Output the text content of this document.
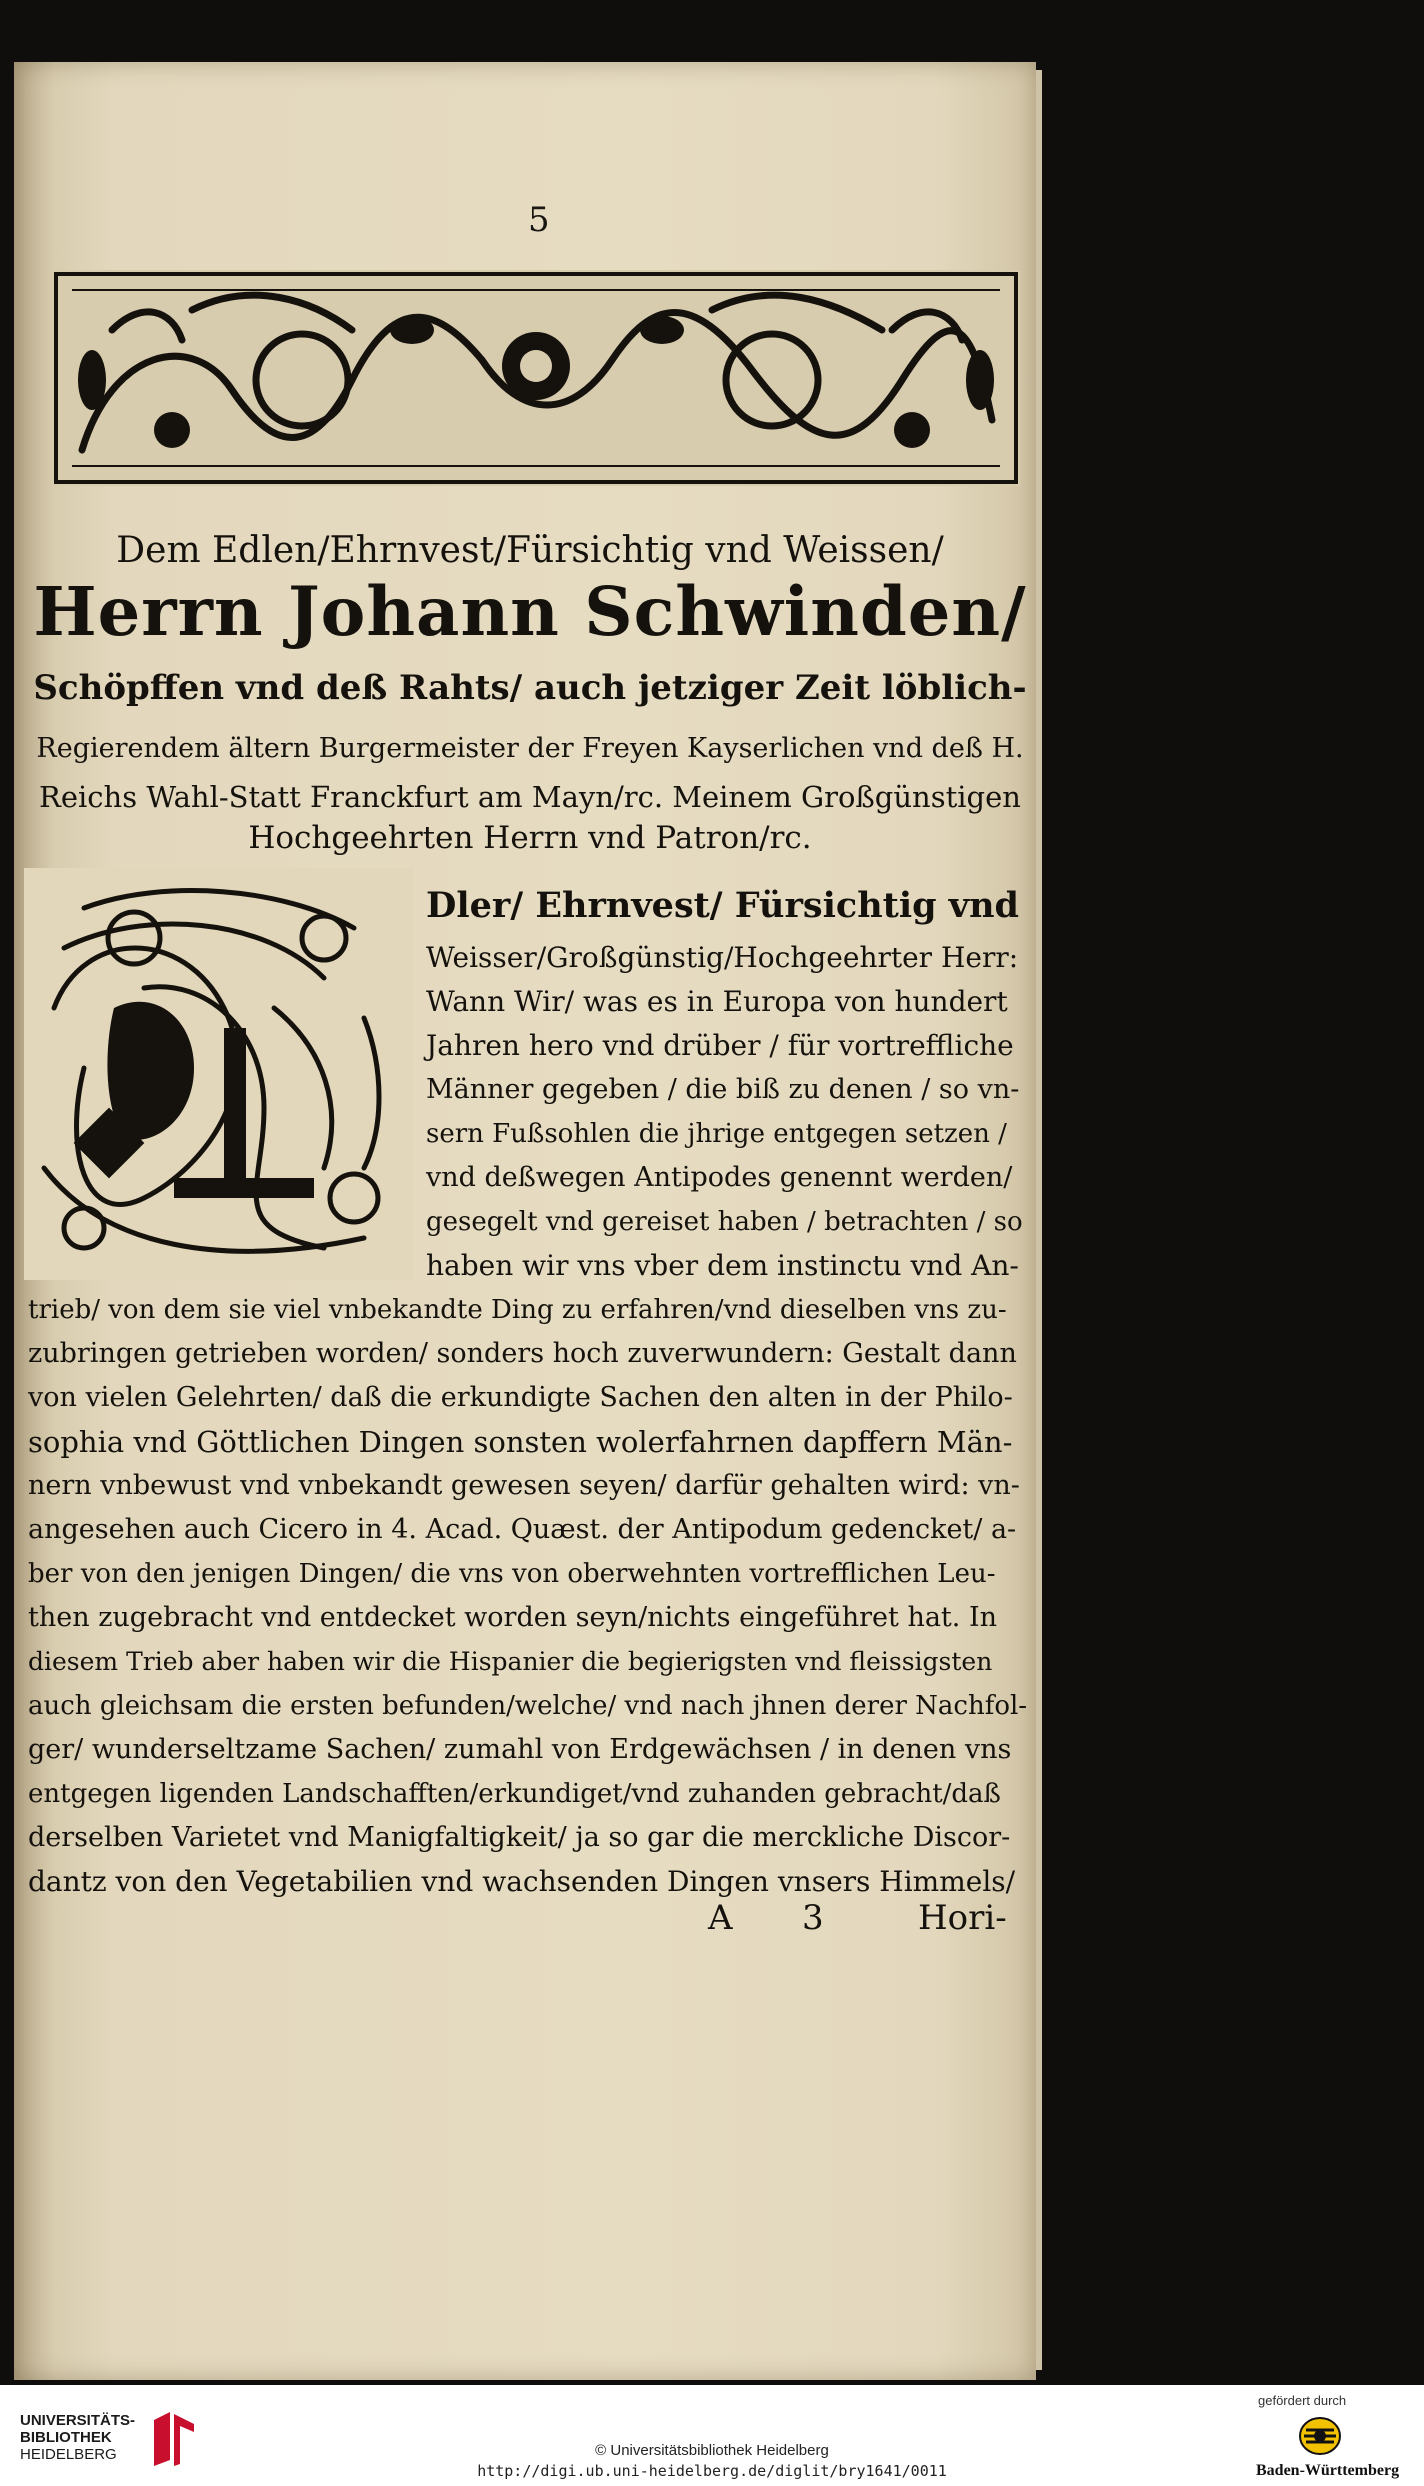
5
Dem Edlen/Ehrnvest/Fürsichtig vnd Weissen/
Herrn Johann Schwinden/
Schöpffen vnd deß Rahts/ auch jetziger Zeit löblich-
Regierendem ältern Burgermeister der Freyen Kayserlichen vnd deß H.
Reichs Wahl-Statt Franckfurt am Mayn/rc. Meinem Großgünstigen
Hochgeehrten Herrn vnd Patron/rc.
Dler/ Ehrnvest/ Fürsichtig vnd
Weisser/Großgünstig/Hochgeehrter Herr:
Wann Wir/ was es in Europa von hundert
Jahren hero vnd drüber / für vortreffliche
Männer gegeben / die biß zu denen / so vn-
sern Fußsohlen die jhrige entgegen setzen /
vnd deßwegen Antipodes genennt werden/
gesegelt vnd gereiset haben / betrachten / so
haben wir vns vber dem instinctu vnd An-
trieb/ von dem sie viel vnbekandte Ding zu erfahren/vnd dieselben vns zu-
zubringen getrieben worden/ sonders hoch zuverwundern: Gestalt dann
von vielen Gelehrten/ daß die erkundigte Sachen den alten in der Philo-
sophia vnd Göttlichen Dingen sonsten wolerfahrnen dapffern Män-
nern vnbewust vnd vnbekandt gewesen seyen/ darfür gehalten wird: vn-
angesehen auch Cicero in 4. Acad. Quæst. der Antipodum gedencket/ a-
ber von den jenigen Dingen/ die vns von oberwehnten vortrefflichen Leu-
then zugebracht vnd entdecket worden seyn/nichts eingeführet hat. In
diesem Trieb aber haben wir die Hispanier die begierigsten vnd fleissigsten
auch gleichsam die ersten befunden/welche/ vnd nach jhnen derer Nachfol-
ger/ wunderseltzame Sachen/ zumahl von Erdgewächsen / in denen vns
entgegen ligenden Landschafften/erkundiget/vnd zuhanden gebracht/daß
derselben Varietet vnd Manigfaltigkeit/ ja so gar die merckliche Discor-
dantz von den Vegetabilien vnd wachsenden Dingen vnsers Himmels/
A 3	Hori-
UNIVERSITÄTS-
BIBLIOTHEK
HEIDELBERG	© Universitätsbibliothek Heidelberg
http://digi.ub.uni-heidelberg.de/diglit/bry1641/0011
gefördert durch
Baden-Württemberg
